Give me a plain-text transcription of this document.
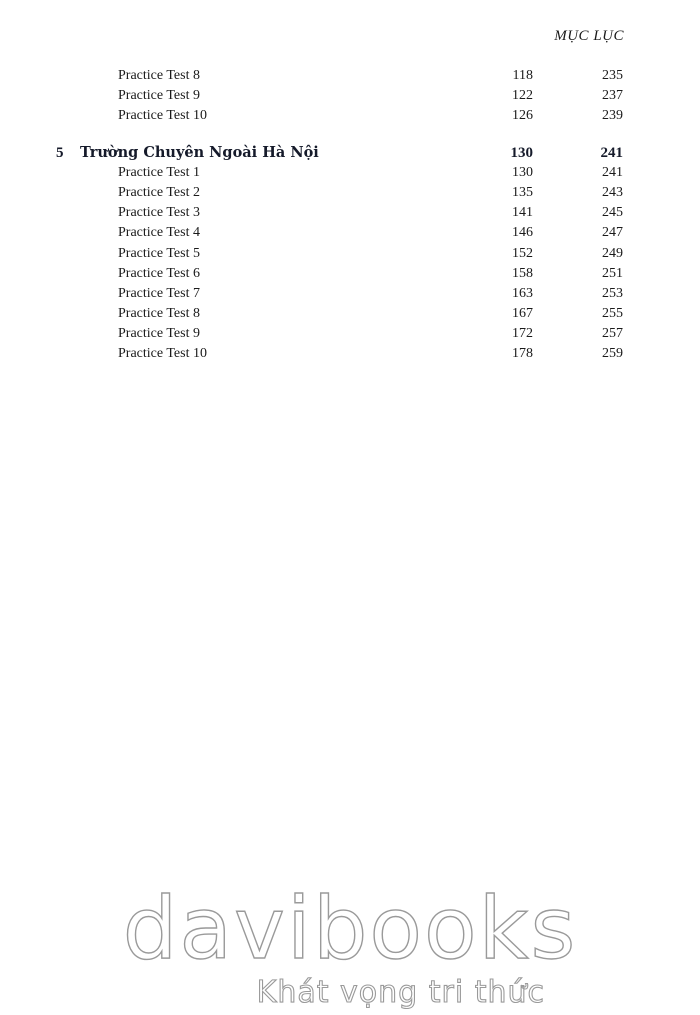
MỤC LỤC
Practice Test 8	118	235
Practice Test 9	122	237
Practice Test 10	126	239
5 Trường Chuyên Ngoài Hà Nội	130	241
Practice Test 1	130	241
Practice Test 2	135	243
Practice Test 3	141	245
Practice Test 4	146	247
Practice Test 5	152	249
Practice Test 6	158	251
Practice Test 7	163	253
Practice Test 8	167	255
Practice Test 9	172	257
Practice Test 10	178	259
davibooks
Khát vọng tri thức
